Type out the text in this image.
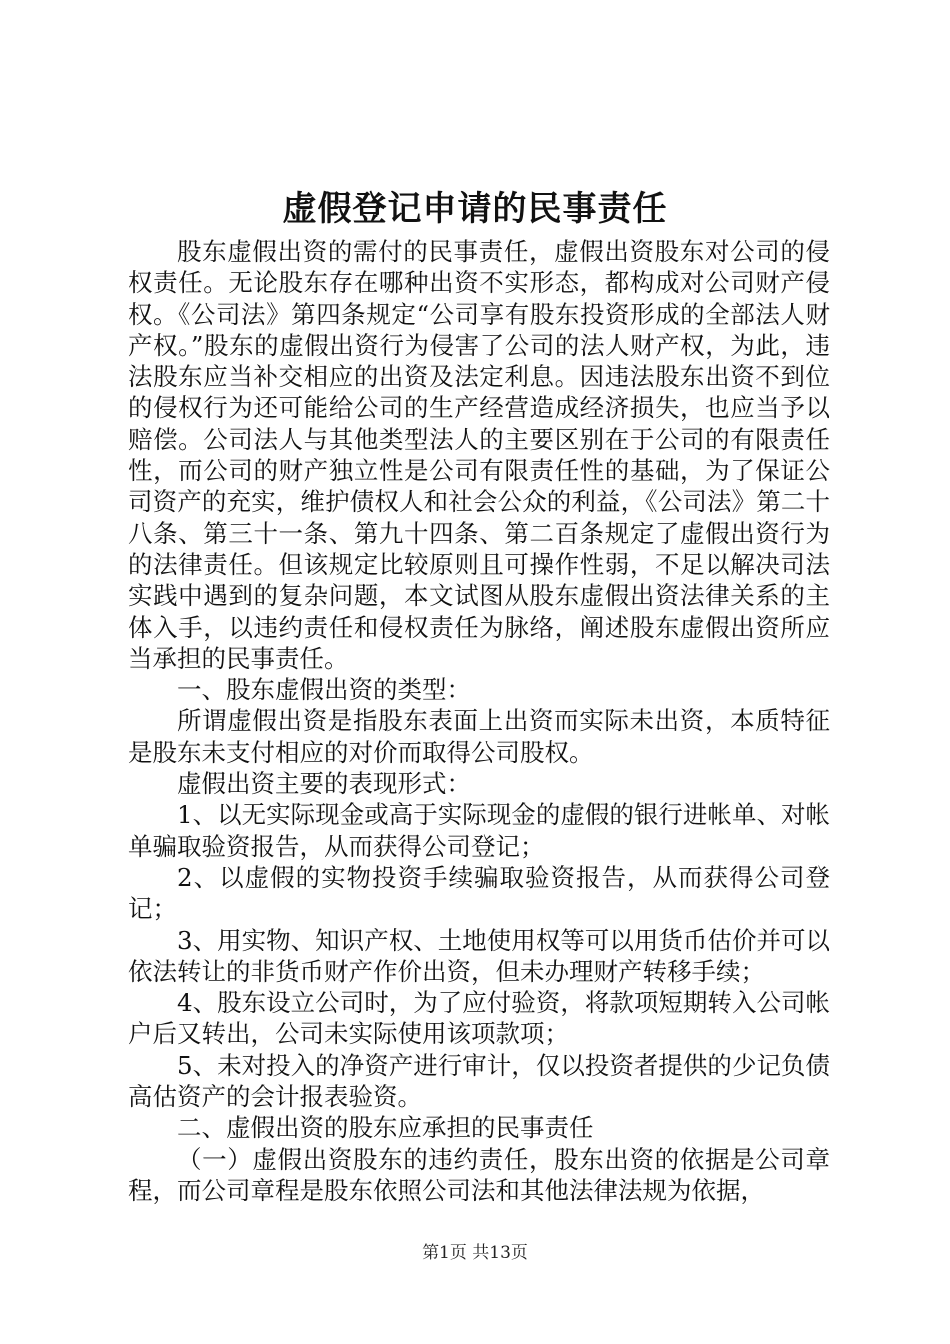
虚假登记申请的民事责任

股东虚假出资的需付的民事责任，虚假出资股东对公司的侵权责任。无论股东存在哪种出资不实形态，都构成对公司财产侵权。《公司法》第四条规定“公司享有股东投资形成的全部法人财产权。”股东的虚假出资行为侵害了公司的法人财产权，为此，违法股东应当补交相应的出资及法定利息。因违法股东出资不到位的侵权行为还可能给公司的生产经营造成经济损失，也应当予以赔偿。公司法人与其他类型法人的主要区别在于公司的有限责任性，而公司的财产独立性是公司有限责任性的基础，为了保证公司资产的充实，维护债权人和社会公众的利益，《公司法》第二十八条、第三十一条、第九十四条、第二百条规定了虚假出资行为的法律责任。但该规定比较原则且可操作性弱，不足以解决司法实践中遇到的复杂问题，本文试图从股东虚假出资法律关系的主体入手，以违约责任和侵权责任为脉络，阐述股东虚假出资所应当承担的民事责任。

一、股东虚假出资的类型：

所谓虚假出资是指股东表面上出资而实际未出资，本质特征是股东未支付相应的对价而取得公司股权。

虚假出资主要的表现形式：

1、以无实际现金或高于实际现金的虚假的银行进帐单、对帐单骗取验资报告，从而获得公司登记；

2、以虚假的实物投资手续骗取验资报告，从而获得公司登记；

3、用实物、知识产权、土地使用权等可以用货币估价并可以依法转让的非货币财产作价出资，但未办理财产转移手续；

4、股东设立公司时，为了应付验资，将款项短期转入公司帐户后又转出，公司未实际使用该项款项；

5、未对投入的净资产进行审计，仅以投资者提供的少记负债高估资产的会计报表验资。

二、虚假出资的股东应承担的民事责任

（一）虚假出资股东的违约责任，股东出资的依据是公司章程，而公司章程是股东依照公司法和其他法律法规为依据，

第1页 共13页
